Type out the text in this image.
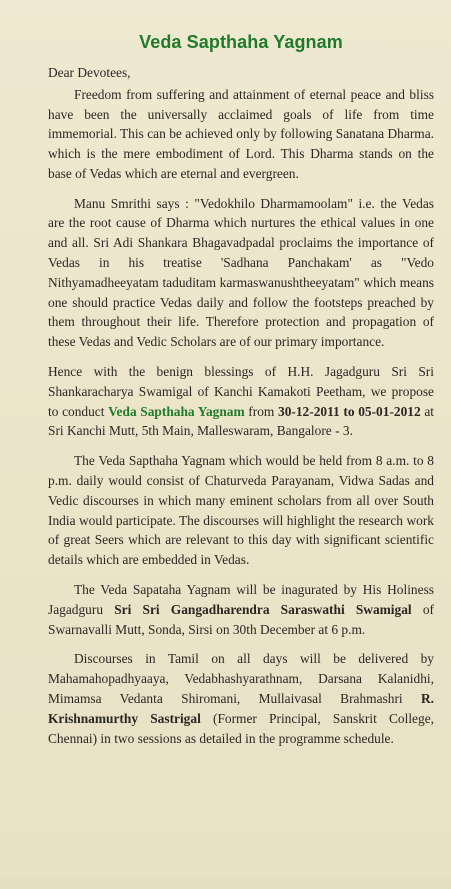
Veda Sapthaha Yagnam
Dear Devotees,

Freedom from suffering and attainment of eternal peace and bliss have been the universally acclaimed goals of life from time immemorial. This can be achieved only by following Sanatana Dharma. which is the mere embodiment of Lord. This Dharma stands on the base of Vedas which are eternal and evergreen.

Manu Smrithi says : "Vedokhilo Dharmamoolam" i.e. the Vedas are the root cause of Dharma which nurtures the ethical values in one and all. Sri Adi Shankara Bhagavadpadal proclaims the importance of Vedas in his treatise 'Sadhana Panchakam' as "Vedo Nithyamadheeyatam taduditam karmaswanushtheeyatam" which means one should practice Vedas daily and follow the footsteps preached by them throughout their life. Therefore protection and propagation of these Vedas and Vedic Scholars are of our primary importance.

Hence with the benign blessings of H.H. Jagadguru Sri Sri Shankaracharya Swamigal of Kanchi Kamakoti Peetham, we propose to conduct Veda Sapthaha Yagnam from 30-12-2011 to 05-01-2012 at Sri Kanchi Mutt, 5th Main, Malleswaram, Bangalore - 3.

The Veda Sapthaha Yagnam which would be held from 8 a.m. to 8 p.m. daily would consist of Chaturveda Parayanam, Vidwa Sadas and Vedic discourses in which many eminent scholars from all over South India would participate. The discourses will highlight the research work of great Seers which are relevant to this day with significant scientific details which are embedded in Vedas.

The Veda Sapataha Yagnam will be inagurated by His Holiness Jagadguru Sri Sri Gangadharendra Saraswathi Swamigal of Swarnavalli Mutt, Sonda, Sirsi on 30th December at 6 p.m.

Discourses in Tamil on all days will be delivered by Mahamahopadhyaaya, Vedabhashyarathnam, Darsana Kalanidhi, Mimamsa Vedanta Shiromani, Mullaivasal Brahmashri R. Krishnamurthy Sastrigal (Former Principal, Sanskrit College, Chennai) in two sessions as detailed in the programme schedule.
